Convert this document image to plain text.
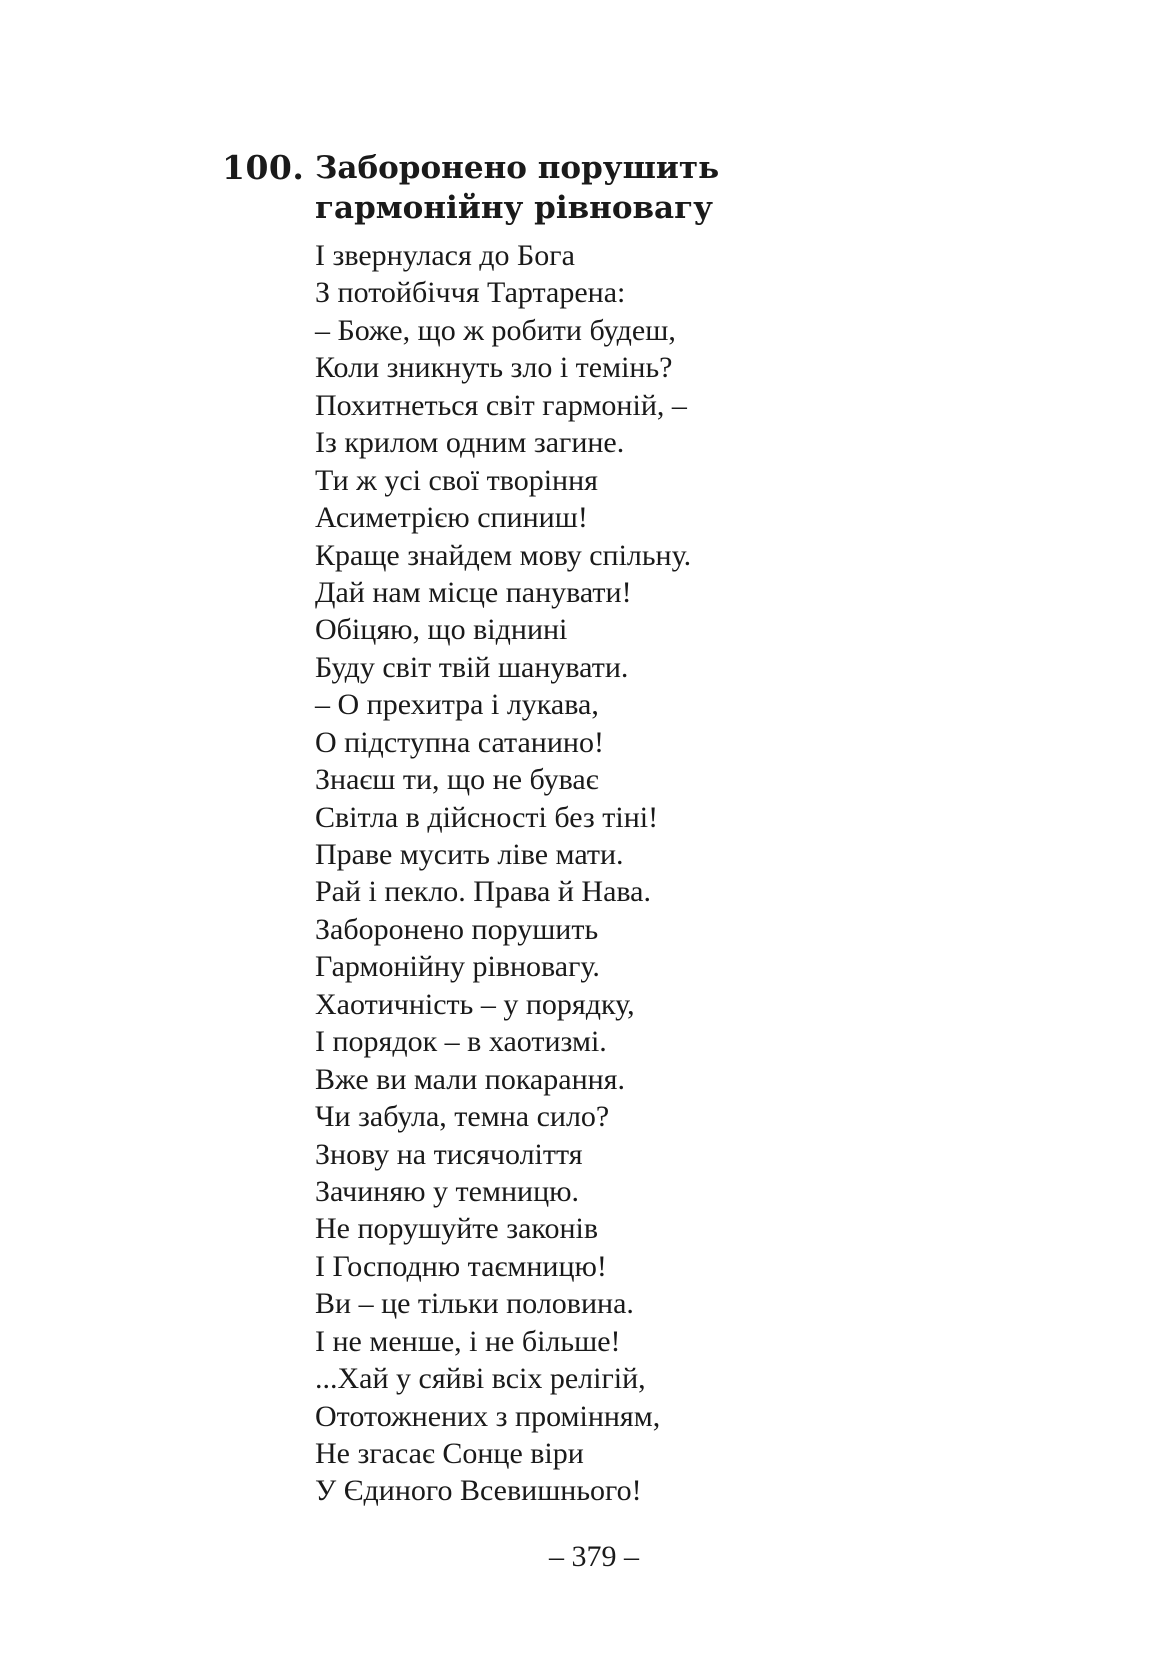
100. Заборонено порушить
гармонійну рівновагу
І звернулася до Бога
З потойбіччя Тартарена:
– Боже, що ж робити будеш,
Коли зникнуть зло і темінь?
Похитнеться світ гармоній, –
Із крилом одним загине.
Ти ж усі свої творіння
Асиметрією спиниш!
Краще знайдем мову спільну.
Дай нам місце панувати!
Обіцяю, що віднині
Буду світ твій шанувати.
– О прехитра і лукава,
О підступна сатанино!
Знаєш ти, що не буває
Світла в дійсності без тіні!
Праве мусить ліве мати.
Рай і пекло. Права й Нава.
Заборонено порушить
Гармонійну рівновагу.
Хаотичність – у порядку,
І порядок – в хаотизмі.
Вже ви мали покарання.
Чи забула, темна сило?
Знову на тисячоліття
Зачиняю у темницю.
Не порушуйте законів
І Господню таємницю!
Ви – це тільки половина.
І не менше, і не більше!
...Хай у сяйві всіх релігій,
Ототожнених з промінням,
Не згасає Сонце віри
У Єдиного Всевишнього!
– 379 –
